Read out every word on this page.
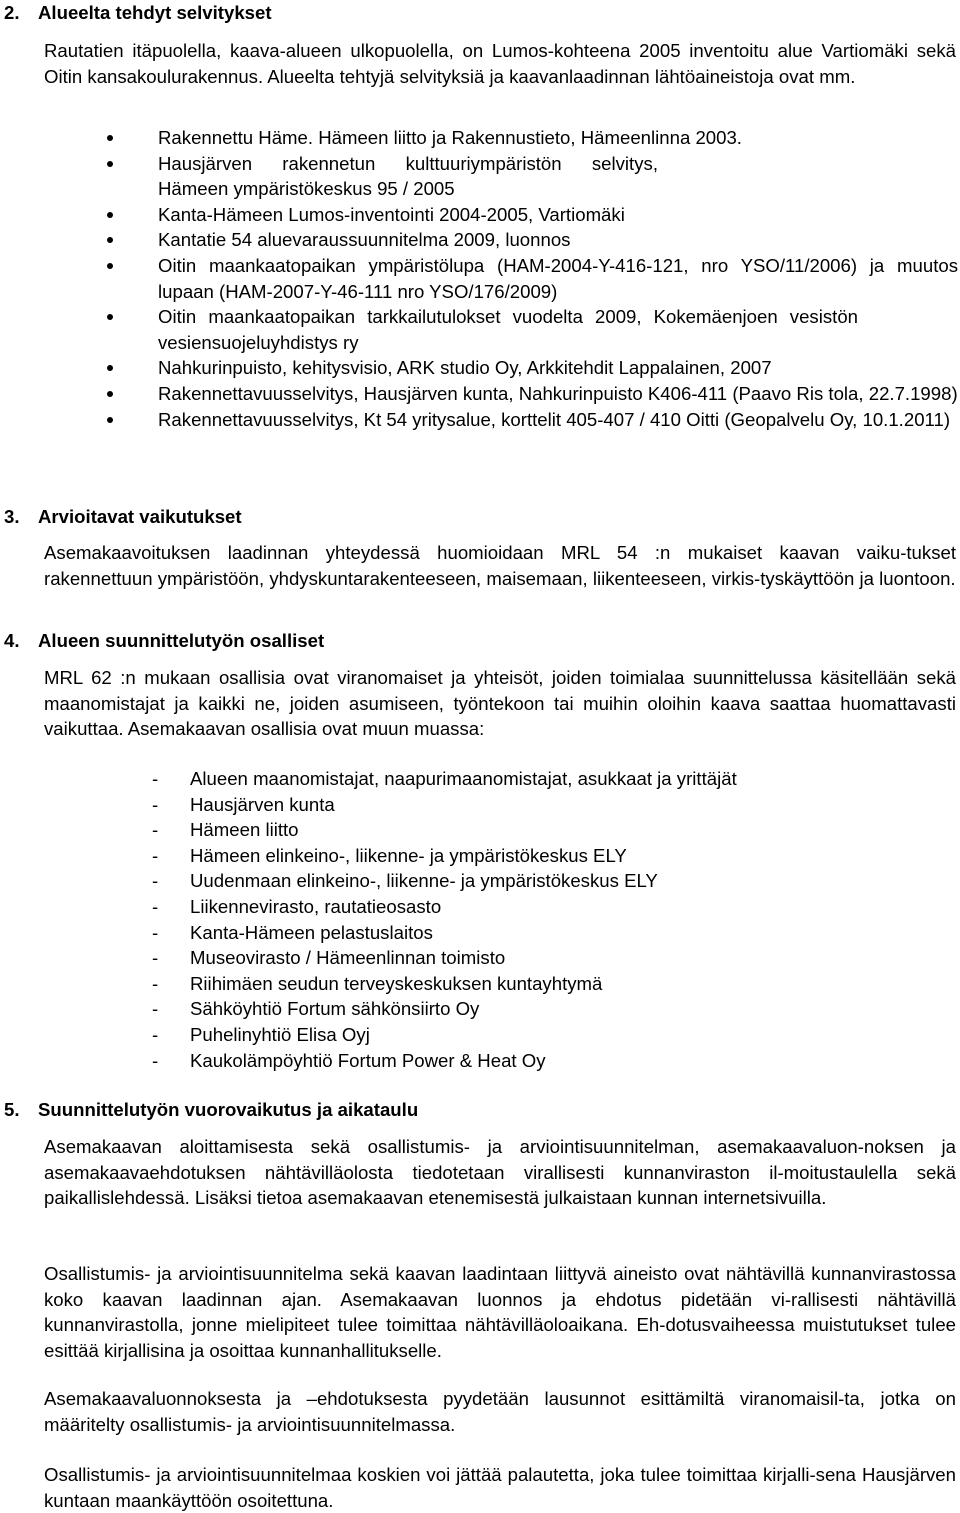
2. Alueelta tehdyt selvitykset
Rautatien itäpuolella, kaava-alueen ulkopuolella, on Lumos-kohteena 2005 inventoitu alue Vartiomäki sekä Oitin kansakoulurakennus. Alueelta tehtyjä selvityksiä ja kaavanlaadinnan lähtöaineistoja ovat mm.
Rakennettu Häme. Hämeen liitto ja Rakennustieto, Hämeenlinna 2003.
Hausjärven rakennetun kulttuuriympäristön selvitys, Hämeen ympäristökeskus 95 / 2005
Kanta-Hämeen Lumos-inventointi 2004-2005, Vartiomäki
Kantatie 54 aluevaraussuunnitelma 2009, luonnos
Oitin maankaatopaikan ympäristölupa (HAM-2004-Y-416-121, nro YSO/11/2006) ja muutos lupaan (HAM-2007-Y-46-111 nro YSO/176/2009)
Oitin maankaatopaikan tarkkailutulokset vuodelta 2009, Kokemäenjoen vesistön vesiensuojeluyhdistys ry
Nahkurinpuisto, kehitysvisio, ARK studio Oy, Arkkitehdit Lappalainen, 2007
Rakennettavuusselvitys, Hausjärven kunta, Nahkurinpuisto K406-411 (Paavo Ris tola, 22.7.1998)
Rakennettavuusselvitys, Kt 54 yritysalue, korttelit 405-407 / 410 Oitti (Geopalvelu Oy, 10.1.2011)
3. Arvioitavat vaikutukset
Asemakaavoituksen laadinnan yhteydessä huomioidaan MRL 54 :n mukaiset kaavan vaiku-tukset rakennettuun ympäristöön, yhdyskuntarakenteeseen, maisemaan, liikenteeseen, virkis-tyskäyttöön ja luontoon.
4. Alueen suunnittelutyön osalliset
MRL 62 :n mukaan osallisia ovat viranomaiset ja yhteisöt, joiden toimialaa suunnittelussa käsitellään sekä maanomistajat ja kaikki ne, joiden asumiseen, työntekoon tai muihin oloihin kaava saattaa huomattavasti vaikuttaa. Asemakaavan osallisia ovat muun muassa:
- Alueen maanomistajat, naapurimaanomistajat, asukkaat ja yrittäjät
- Hausjärven kunta
- Hämeen liitto
- Hämeen elinkeino-, liikenne- ja ympäristökeskus ELY
- Uudenmaan elinkeino-, liikenne- ja ympäristökeskus ELY
- Liikennevirasto, rautatieosasto
- Kanta-Hämeen pelastuslaitos
- Museovirasto / Hämeenlinnan toimisto
- Riihimäen seudun terveyskeskuksen kuntayhtymä
- Sähköyhtiö Fortum sähkönsiirto Oy
- Puhelinyhtiö Elisa Oyj
- Kaukolämpöyhtiö Fortum Power & Heat Oy
5. Suunnittelutyön vuorovaikutus ja aikataulu
Asemakaavan aloittamisesta sekä osallistumis- ja arviointisuunnitelman, asemakaavaluon-noksen ja asemakaavaehdotuksen nähtävilläolosta tiedotetaan virallisesti kunnanviraston il-moitustaulella sekä paikallislehdessä. Lisäksi tietoa asemakaavan etenemisestä julkaistaan kunnan internetsivuilla.
Osallistumis- ja arviointisuunnitelma sekä kaavan laadintaan liittyvä aineisto ovat nähtävillä kunnanvirastossa koko kaavan laadinnan ajan. Asemakaavan luonnos ja ehdotus pidetään vi-rallisesti nähtävillä kunnanvirastolla, jonne mielipiteet tulee toimittaa nähtävilläoloaikana. Eh-dotusvaiheessa muistutukset tulee esittää kirjallisina ja osoittaa kunnanhallitukselle.
Asemakaavaluonnoksesta ja –ehdotuksesta pyydetään lausunnot esittämiltä viranomaisil-ta, jotka on määritelty osallistumis- ja arviointisuunnitelmassa.
Osallistumis- ja arviointisuunnitelmaa koskien voi jättää palautetta, joka tulee toimittaa kirjalli-sena Hausjärven kuntaan maankäyttöön osoitettuna.
